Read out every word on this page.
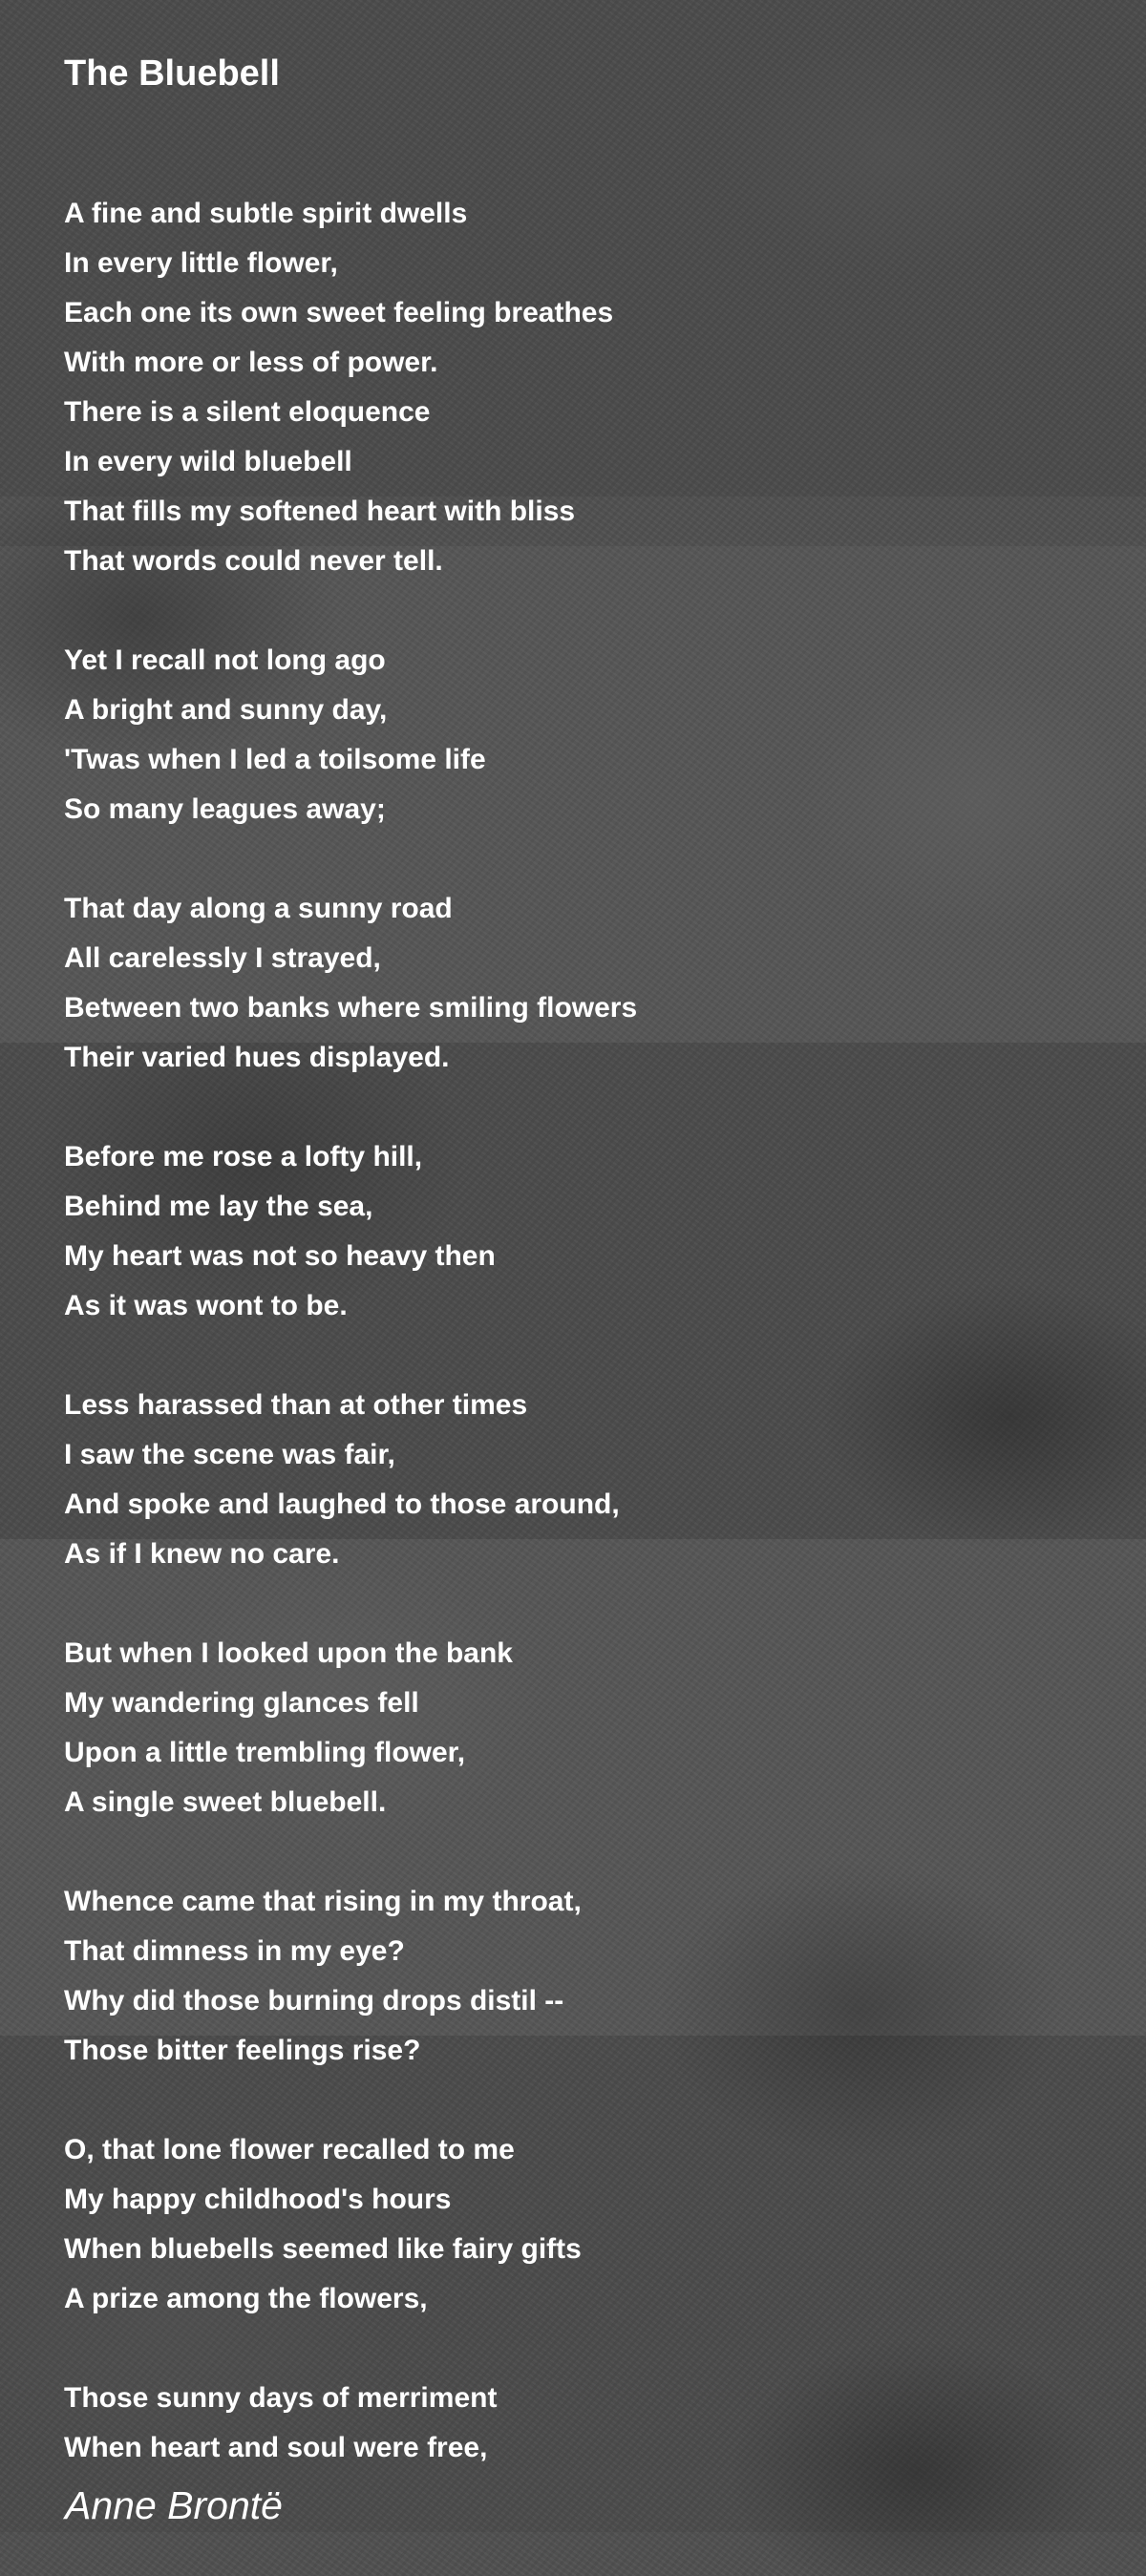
The Bluebell
A fine and subtle spirit dwells
In every little flower,
Each one its own sweet feeling breathes
With more or less of power.
There is a silent eloquence
In every wild bluebell
That fills my softened heart with bliss
That words could never tell.
Yet I recall not long ago
A bright and sunny day,
'Twas when I led a toilsome life
So many leagues away;
That day along a sunny road
All carelessly I strayed,
Between two banks where smiling flowers
Their varied hues displayed.
Before me rose a lofty hill,
Behind me lay the sea,
My heart was not so heavy then
As it was wont to be.
Less harassed than at other times
I saw the scene was fair,
And spoke and laughed to those around,
As if I knew no care.
But when I looked upon the bank
My wandering glances fell
Upon a little trembling flower,
A single sweet bluebell.
Whence came that rising in my throat,
That dimness in my eye?
Why did those burning drops distil --
Those bitter feelings rise?
O, that lone flower recalled to me
My happy childhood's hours
When bluebells seemed like fairy gifts
A prize among the flowers,
Those sunny days of merriment
When heart and soul were free,
Anne Brontë
